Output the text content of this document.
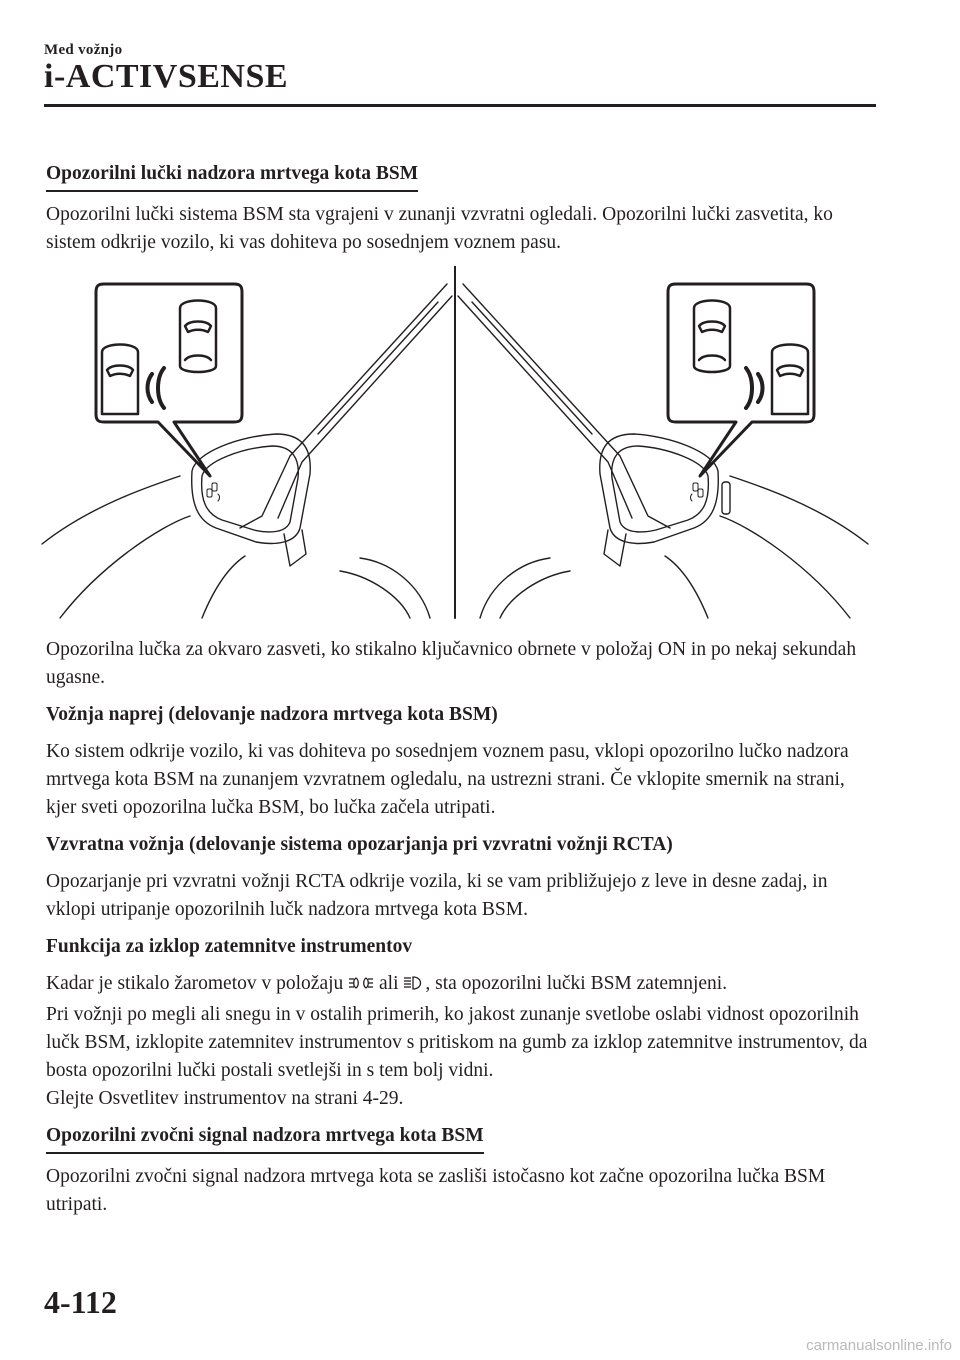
Med vožnjo
i-ACTIVSENSE
Opozorilni lučki nadzora mrtvega kota BSM

Opozorilni lučki sistema BSM sta vgrajeni v zunanji vzvratni ogledali. Opozorilni lučki zasvetita, ko sistem odkrije vozilo, ki vas dohiteva po sosednjem voznem pasu.

Opozorilna lučka za okvaro zasveti, ko stikalno ključavnico obrnete v položaj ON in po nekaj sekundah ugasne.

Vožnja naprej (delovanje nadzora mrtvega kota BSM)

Ko sistem odkrije vozilo, ki vas dohiteva po sosednjem voznem pasu, vklopi opozorilno lučko nadzora mrtvega kota BSM na zunanjem vzvratnem ogledalu, na ustrezni strani. Če vklopite smernik na strani, kjer sveti opozorilna lučka BSM, bo lučka začela utripati.

Vzvratna vožnja (delovanje sistema opozarjanja pri vzvratni vožnji RCTA)

Opozarjanje pri vzvratni vožnji RCTA odkrije vozila, ki se vam približujejo z leve in desne zadaj, in vklopi utripanje opozorilnih lučk nadzora mrtvega kota BSM.

Funkcija za izklop zatemnitve instrumentov
Kadar je stikalo žarometov v položaju ali , sta opozorilni lučki BSM zatemnjeni.
Pri vožnji po megli ali snegu in v ostalih primerih, ko jakost zunanje svetlobe oslabi vidnost opozorilnih lučk BSM, izklopite zatemnitev instrumentov s pritiskom na gumb za izklop zatemnitve instrumentov, da bosta opozorilni lučki postali svetlejši in s tem bolj vidni.

Glejte Osvetlitev instrumentov na strani 4-29.

Opozorilni zvočni signal nadzora mrtvega kota BSM

Opozorilni zvočni signal nadzora mrtvega kota se zasliši istočasno kot začne opozorilna lučka BSM utripati.

4-112
carmanualsonline.info
